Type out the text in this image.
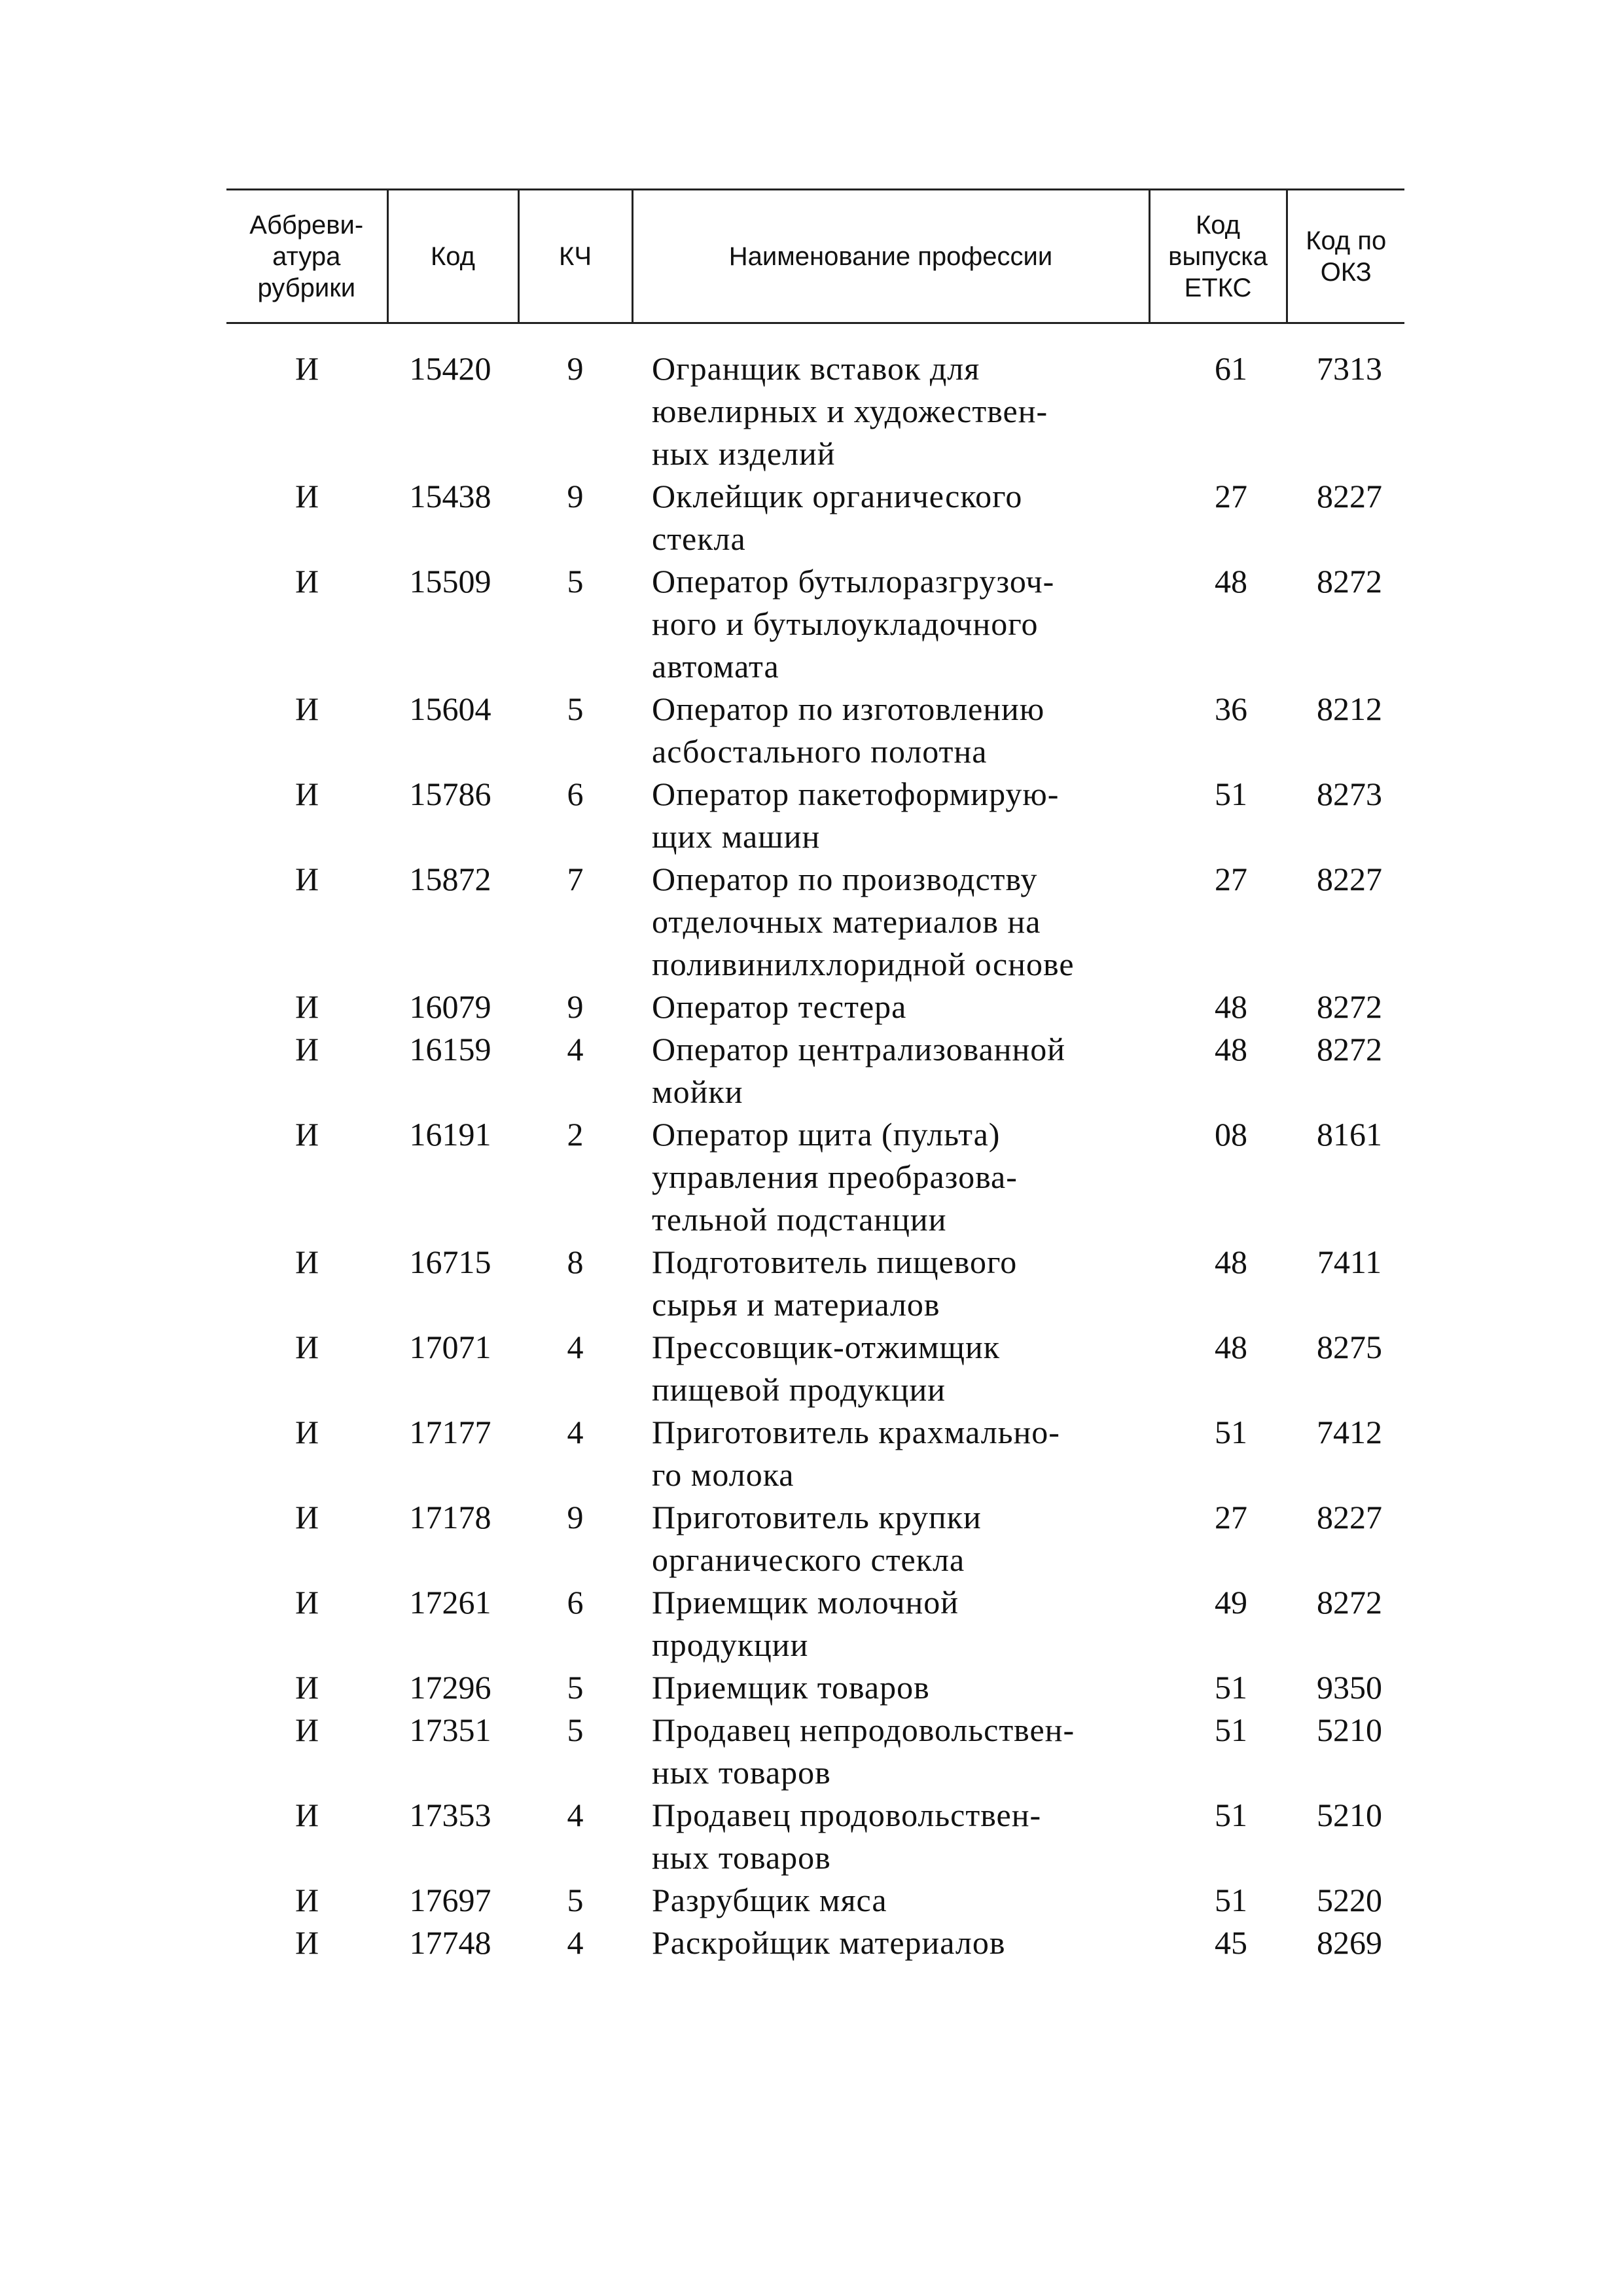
Аббреви-
атура
рубрики	Код	КЧ	Наименование профессии	Код
выпуска
ЕТКС	Код по
ОКЗ

И	15420	9	Огранщик вставок для
ювелирных и художествен-
ных изделий	61	7313
И	15438	9	Оклейщик органического
стекла	27	8227
И	15509	5	Оператор бутылоразгрузоч-
ного и бутылоукладочного
автомата	48	8272
И	15604	5	Оператор по изготовлению
асбостального полотна	36	8212
И	15786	6	Оператор пакетоформирую-
щих машин	51	8273
И	15872	7	Оператор по производству
отделочных материалов на
поливинилхлоридной основе	27	8227
И	16079	9	Оператор тестера	48	8272
И	16159	4	Оператор централизованной
мойки	48	8272
И	16191	2	Оператор щита (пульта)
управления преобразова-
тельной подстанции	08	8161
И	16715	8	Подготовитель пищевого
сырья и материалов	48	7411
И	17071	4	Прессовщик-отжимщик
пищевой продукции	48	8275
И	17177	4	Приготовитель крахмально-
го молока	51	7412
И	17178	9	Приготовитель крупки
органического стекла	27	8227
И	17261	6	Приемщик молочной
продукции	49	8272
И	17296	5	Приемщик товаров	51	9350
И	17351	5	Продавец непродовольствен-
ных товаров	51	5210
И	17353	4	Продавец продовольствен-
ных товаров	51	5210
И	17697	5	Разрубщик мяса	51	5220
И	17748	4	Раскройщик материалов	45	8269
